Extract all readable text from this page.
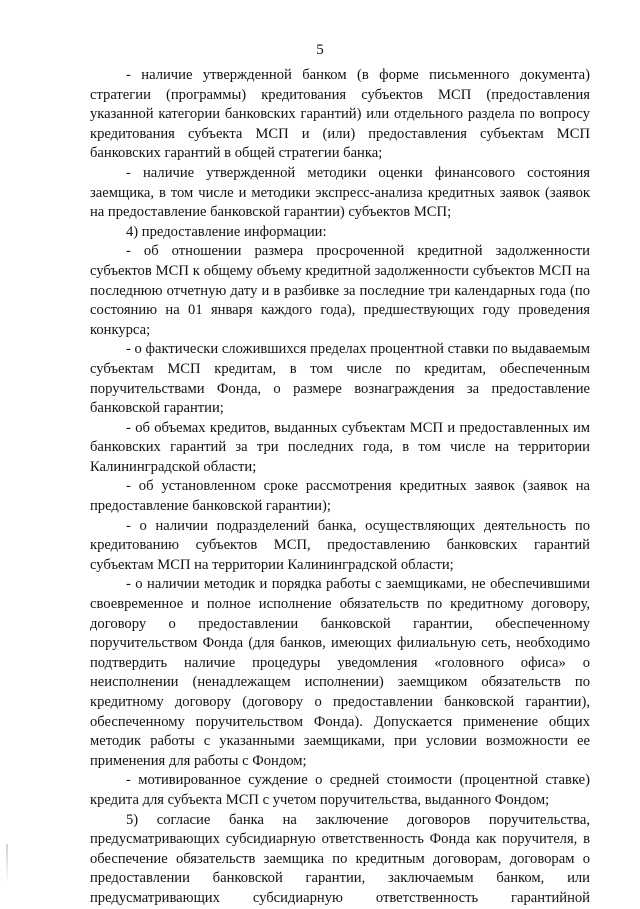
5

- наличие утвержденной банком (в форме письменного документа) стратегии (программы) кредитования субъектов МСП (предоставления указанной категории банковских гарантий) или отдельного раздела по вопросу кредитования субъекта МСП и (или) предоставления субъектам МСП банковских гарантий в общей стратегии банка;

- наличие утвержденной методики оценки финансового состояния заемщика, в том числе и методики экспресс-анализа кредитных заявок (заявок на предоставление банковской гарантии) субъектов МСП;

4) предоставление информации:

- об отношении размера просроченной кредитной задолженности субъектов МСП к общему объему кредитной задолженности субъектов МСП на последнюю отчетную дату и в разбивке за последние три календарных года (по состоянию на 01 января каждого года), предшествующих году проведения конкурса;

- о фактически сложившихся пределах процентной ставки по выдаваемым субъектам МСП кредитам, в том числе по кредитам, обеспеченным поручительствами Фонда, о размере вознаграждения за предоставление банковской гарантии;

- об объемах кредитов, выданных субъектам МСП и предоставленных им банковских гарантий за три последних года, в том числе на территории Калининградской области;

- об установленном сроке рассмотрения кредитных заявок (заявок на предоставление банковской гарантии);

- о наличии подразделений банка, осуществляющих деятельность по кредитованию субъектов МСП, предоставлению банковских гарантий субъектам МСП на территории Калининградской области;

- о наличии методик и порядка работы с заемщиками, не обеспечившими своевременное и полное исполнение обязательств по кредитному договору, договору о предоставлении банковской гарантии, обеспеченному поручительством Фонда (для банков, имеющих филиальную сеть, необходимо подтвердить наличие процедуры уведомления «головного офиса» о неисполнении (ненадлежащем исполнении) заемщиком обязательств по кредитному договору (договору о предоставлении банковской гарантии), обеспеченному поручительством Фонда). Допускается применение общих методик работы с указанными заемщиками, при условии возможности ее применения для работы с Фондом;

- мотивированное суждение о средней стоимости (процентной ставке) кредита для субъекта МСП с учетом поручительства, выданного Фондом;

5) согласие банка на заключение договоров поручительства, предусматривающих субсидиарную ответственность Фонда как поручителя, в обеспечение обязательств заемщика по кредитным договорам, договорам о предоставлении банковской гарантии, заключаемым банком, или предусматривающих субсидиарную ответственность гарантийной
